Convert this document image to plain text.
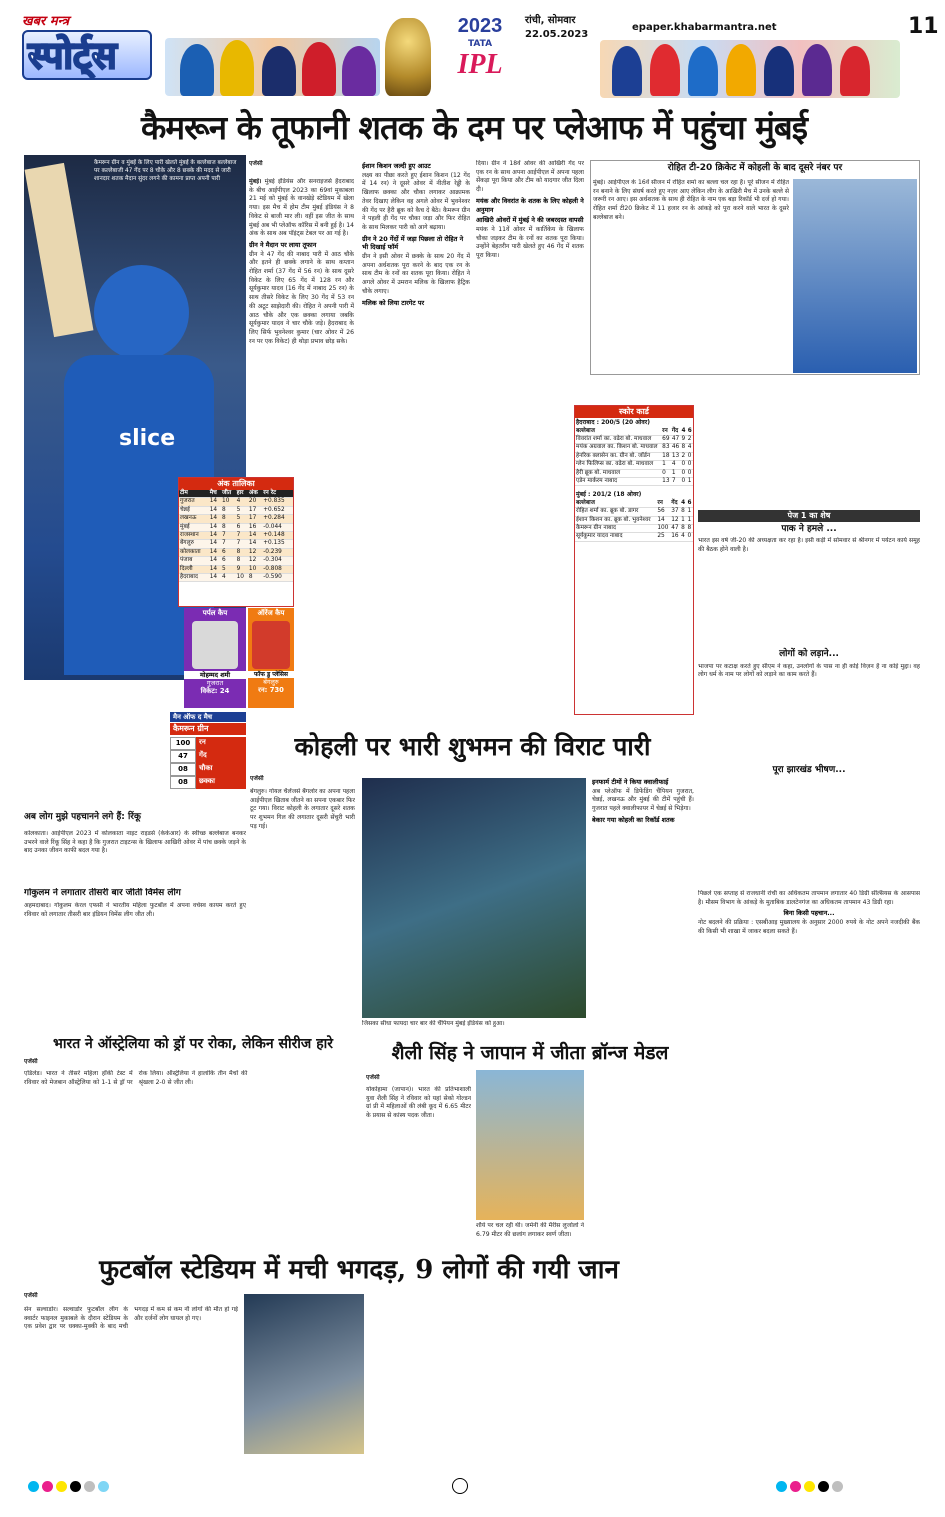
खबर मन्त्र
स्पोर्ट्स
2023
TATA
IPL
रांची, सोमवार
22.05.2023
epaper.khabarmantra.net	11
कैमरून के तूफानी शतक के दम पर प्लेआफ में पहुंचा मुंबई
slice
कैमरून ग्रीन व मुंबई के लिए पारी खेलते मुंबई के बल्लेबाज बल्लेबाज पर कल्लेबाजी 47 गेंद पर 8 चौके और 8 छक्के की मदद से जारी शानदार शतक मैदान सुंदर लगने की कामना प्राप्त अपनी पारी
अंक तालिका
टीम	मैच	जीत	हार	अंक	रन रेट
गुजरात	14	10	4	20	+0.835
चेन्नई	14	8	5	17	+0.652
लखनऊ	14	8	5	17	+0.284
मुंबई	14	8	6	16	-0.044
राजस्थान	14	7	7	14	+0.148
बेंगलुरु	14	7	7	14	+0.135
कोलकाता	14	6	8	12	-0.239
पंजाब	14	6	8	12	-0.304
दिल्ली	14	5	9	10	-0.808
हैदराबाद	14	4	10	8	-0.590
पर्पल कैप
मोहम्मद शमी
गुजरात
विकेट: 24
ऑरेंज कैप
फॉफ डु प्लेसिस
बेंगलुरु
रन: 730
मैन ऑफ द मैच
कैमरून ग्रीन
100	रन
47	गेंद
08	चौका
08	छक्का
अब लोग मुझे पहचानने लगे हैं: रिंकू
कोलकाता। आईपीएल 2023 में कोलकाता नाइट राइडर्स (केकेआर) के स्वीच्छ बल्लेबाज बनकर उभरने वाले रिंकू सिंह ने कहा है कि गुजरात टाइटन्स के खिलाफ आखिरी ओवर में पांच छक्के जड़ने के बाद उनका जीवन काफी बदल गया है।
गोकुलम ने लगातार तीसरी बार जीती विमेंस लीग
अहमदाबाद। गोकुलम केरल एफसी ने भारतीय महिला फुटबॉल में अपना वर्चस्व कायम करते हुए रविवार को लगातार तीसरी बार इंडियन विमेंस लीग जीत ली।
एजेंसी

मुंबई। मुंबई इंडियंस और सनराइजर्स हैदराबाद के बीच आईपीएल 2023 का 69वां मुकाबला 21 मई को मुंबई के वानखेड़े स्टेडियम में खेला गया। इस मैच में होम टीम मुंबई इंडियंस ने 8 विकेट से बाजी मार ली। वहीं इस जीत के साथ मुंबई अब भी प्लेऑफ कॉरिस में बनी हुई है। 14 अंक के साथ अब पॉइंट्स टेबल पर आ गई है।

ग्रीन ने मैदान पर लाया तूफान

ग्रीन ने 47 गेंद की नाबाद पारी में आठ चौके और इतने ही छक्के लगाने के साथ कप्तान रोहित शर्मा (37 गेंद में 56 रन) के साथ दूसरे विकेट के लिए 65 गेंद में 128 रन और सूर्यकुमार यादव (16 गेंद में नाबाद 25 रन) के साथ तीसरे विकेट के लिए 30 गेंद में 53 रन की अटूट साझेदारी की। रोहित ने अपनी पारी में आठ चौके और एक छक्का लगाया जबकि सूर्यकुमार यादव ने चार चौके जड़े। हैदराबाद के लिए सिर्फ भुवनेश्वर कुमार (चार ओवर में 26 रन पर एक विकेट) ही थोड़ा प्रभाव छोड़ सके।

ईशान किशन जल्दी हुए आउट

लक्ष्य का पीछा करते हुए ईशान किशन (12 गेंद में 14 रन) ने दूसरे ओवर में नीतीश रेड्डी के खिलाफ छक्का और चौका लगाकर आक्रामक तेवर दिखाए लेकिन वह अगले ओवर में भुवनेश्वर की गेंद पर हैरी ब्रूक को कैच दे बैठे। कैमरून ग्रीन ने पहली ही गेंद पर चौका जड़ा और फिर रोहित के साथ मिलकर पारी को आगे बढ़ाया।

ग्रीन ने 20 गेंदों में जड़ा पिछला तो रोहित ने भी दिखाई फॉर्म

ग्रीन ने इसी ओवर में छक्के के साथ 20 गेंद में अपना अर्धशतक पूरा करने के बाद एक रन के साथ टीम के रनों का शतक पूरा किया। रोहित ने अगले ओवर में उमरान मलिक के खिलाफ हैट्रिक चौके लगाए।

मलिक को लिया टारगेट पर

दिया। ग्रीन ने 18वें ओवर की आखिरी गेंद पर एक रन के साथ अपना आईपीएल में अपना पहला सेंकड़ा पूरा किया और टीम को यादगार जीत दिला दी।

मयंक और विवरांत के शतक के लिए कोहली ने अनुमान
आखिरी ओवरों में मुंबई ने की जबरदस्त वापसी

मयंक ने 11वें ओवर में कार्तिकेय के खिलाफ चौका जड़कर टीम के रनों का शतक पूरा किया। उन्होंने बेहतरीन पारी खेलते हुए 46 गेंद में शतक पूरा किया।

रोहित टी-20 क्रिकेट में कोहली के बाद दूसरे नंबर पर
मुंबई। आईपीएल के 16वें सीजन में रोहित शर्मा का बल्ला चल रहा है। पूरे सीजन में रोहित रन बनाने के लिए संघर्ष करते हुए नज़र आए लेकिन लीग के आखिरी मैच में उनके बल्ले से जरूरी रन आए। इस अर्धशतक के साथ ही रोहित के नाम एक बड़ा रिकॉर्ड भी दर्ज हो गया। रोहित शर्मा टी20 क्रिकेट में 11 हजार रन के आंकड़े को पूरा करने वाले भारत के दूसरे बल्लेबाज बने।
स्कोर कार्ड
हैदराबाद : 200/5 (20 ओवर)
बल्लेबाज	रन	गेंद	4	6
विवरांत शर्मा का. वढेरा बो. माधवाल	69	47	9	2
मयंक अग्रवाल का. किशन बो. माधवाल	83	46	8	4
हेनरिक क्लासेन का. ग्रीन बो. जॉर्डन	18	13	2	0
ग्लेन फिलिप्स का. वढेरा बो. माधवाल	1	4	0	0
हैरी ब्रूक बो. माधवाल	0	1	0	0
एडेन मार्करम नाबाद	13	7	0	1
मुंबई : 201/2 (18 ओवर)
बल्लेबाज	रन	गेंद	4	6
रोहित शर्मा का. ब्रूक बो. डागर	56	37	8	1
ईशान किशन का. ब्रूक बो. भुवनेश्वर	14	12	1	1
कैमरून ग्रीन नाबाद	100	47	8	8
सूर्यकुमार यादव नाबाद	25	16	4	0
पेज 1 का शेष
पाक ने हमले ...
भारत इस वर्ष जी-20 की अध्यक्षता कर रहा है। इसी कड़ी में सोमवार से श्रीनगर में पर्यटन कार्य समूह की बैठक होने वाली है।
लोगों को लड़ाने...
भाजपा पर कटाक्ष करते हुए सीएम ने कहा, उनलोगों के पास ना ही कोई विज़न है ना कोई मुद्दा। वह लोग धर्म के नाम पर लोगों को लड़ाने का काम करते हैं।
पूरा झारखंड भीषण...

पिछले एक सप्ताह से राजधानी रांची का अधिकतम तापमान लगातार 40 डिग्री सेल्सियस के आसपास है। मौसम विभाग के आंकड़े के मुताबिक डालटेनगंज का अधिकतम तापमान 43 डिग्री रहा।

बिना किसी पहचान...

नोट बदलने की प्रक्रिया : एसबीआइ मुख्यालय के अनुसार 2000 रुपये के नोट अपने नजदीकी बैंक की किसी भी शाखा में जाकर बदला सकते हैं।

कोहली पर भारी शुभमन की विराट पारी
एजेंसी
बेंगलुरु। गोयल चैलेंजर्स बैंगलोर का अपना पहला आईपीएल खिताब जीतने का सपना एकबार फिर टूट गया। विराट कोहली के लगातार दूसरे शतक पर शुभमन गिल की लगातार दूसरी सेंचुरी भारी पड़ गई।
जिसका सीधा फायदा चार बार की चैंपियन मुंबई इंडियंस को हुआ।
इनफार्म टीमों ने किया क्वालीफाई

अब प्लेऑफ में डिफेंडिंग चैंपियन गुजरात, चेन्नई, लखनऊ और मुंबई की टीमें पहुंची हैं। गुजरात पहले क्वालीफायर में चेन्नई से भिड़ेगा।

बेकार गया कोहली का रिकॉर्ड शतक
भारत ने ऑस्ट्रेलिया को ड्रॉ पर रोका, लेकिन सीरीज हारे
एजेंसी
एडिलेड। भारत ने तीसरे महिला हॉकी टेस्ट में रविवार को मेजबान ऑस्ट्रेलिया को 1-1 से ड्रॉ पर रोक लिया। ऑस्ट्रेलिया ने हालांकि तीन मैचों की श्रृंखला 2-0 से जीत ली।
शैली सिंह ने जापान में जीता ब्रॉन्ज मेडल
एजेंसी
योकोहामा (जापान)। भारत की प्रतिभाशाली युवा शैली सिंह ने रविवार को यहां सेको गोल्डन ग्रां प्री में महिलाओं की लंबी कूद में 6.65 मीटर के प्रयास से कांस्य पदक जीता।
शौर्य पर चल रही थी। जर्मनी की मैरीस लुजोलो ने 6.79 मीटर की छलांग लगाकर स्वर्ण जीता।
फुटबॉल स्टेडियम में मची भगदड़, 9 लोगों की गयी जान
एजेंसी
सेन सल्वाडोर। सल्वाडोर फुटबॉल लीग के क्वार्टर फाइनल मुकाबले के दौरान स्टेडियम के एक प्रवेश द्वार पर धक्का-मुक्की के बाद मची भगदड़ में कम से कम नौ लोगों की मौत हो गई और दर्जनों लोग घायल हो गए।
